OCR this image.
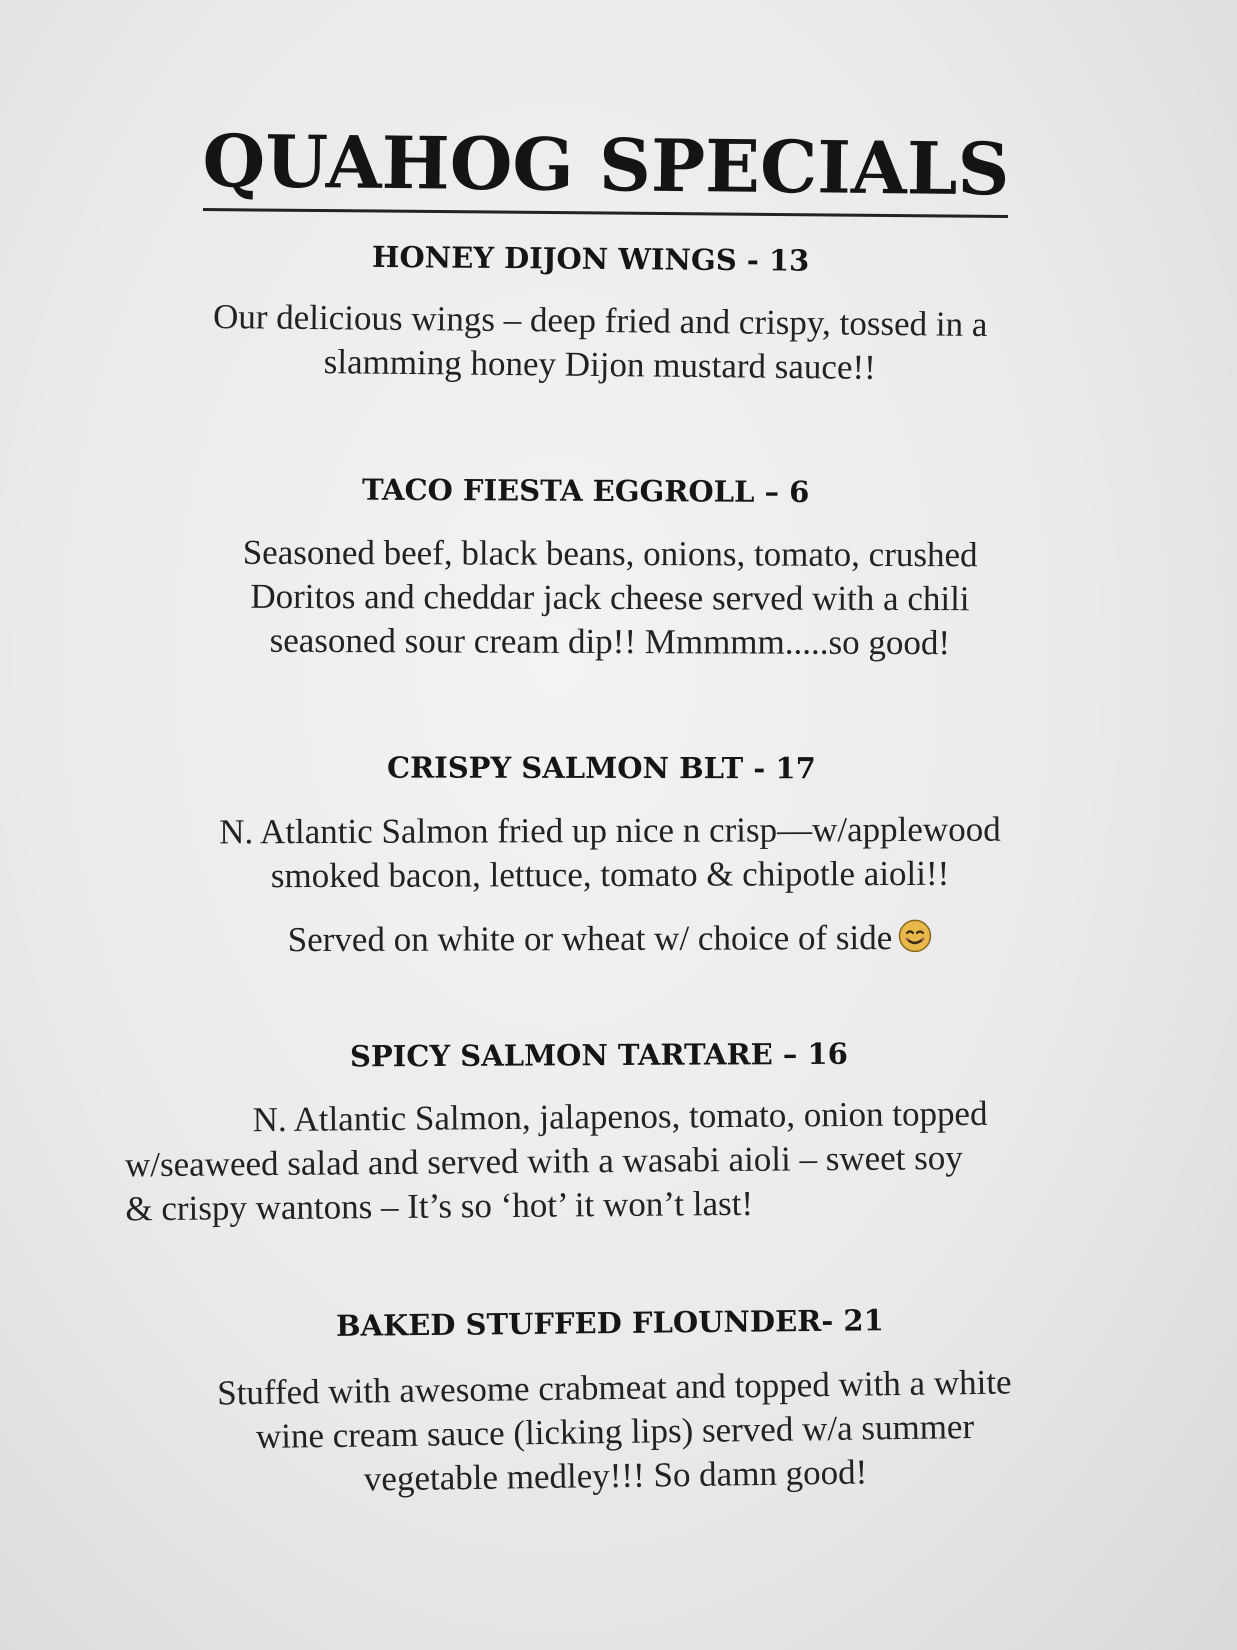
QUAHOG SPECIALS
HONEY DIJON WINGS - 13

Our delicious wings – deep fried and crispy, tossed in a
slamming honey Dijon mustard sauce!!

TACO FIESTA EGGROLL – 6

Seasoned beef, black beans, onions, tomato, crushed
Doritos and cheddar jack cheese served with a chili
seasoned sour cream dip!! Mmmmm.....so good!

CRISPY SALMON BLT - 17

N. Atlantic Salmon fried up nice n crisp—w/applewood
smoked bacon, lettuce, tomato & chipotle aioli!!

Served on white or wheat w/ choice of side

SPICY SALMON TARTARE – 16

N. Atlantic Salmon, jalapenos, tomato, onion topped
w/seaweed salad and served with a wasabi aioli – sweet soy
& crispy wantons – It’s so ‘hot’ it won’t last!

BAKED STUFFED FLOUNDER- 21

Stuffed with awesome crabmeat and topped with a white
wine cream sauce (licking lips) served w/a summer
vegetable medley!!! So damn good!
